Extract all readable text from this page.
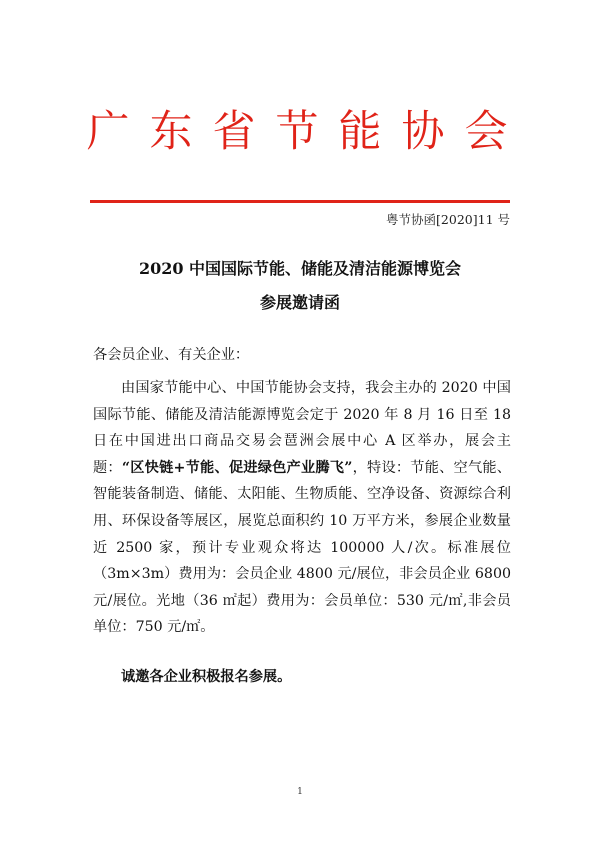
广东省节能协会
粤节协函[2020]11 号
2020 中国国际节能、储能及清洁能源博览会
参展邀请函
各会员企业、有关企业：

由国家节能中心、中国节能协会支持，我会主办的 2020 中国国际节能、储能及清洁能源博览会定于 2020 年 8 月 16 日至 18 日在中国进出口商品交易会琶洲会展中心 A 区举办，展会主题：“区快链+节能、促进绿色产业腾飞”，特设：节能、空气能、智能装备制造、储能、太阳能、生物质能、空净设备、资源综合利用、环保设备等展区，展览总面积约 10 万平方米，参展企业数量近 2500 家，预计专业观众将达 100000 人/次。标准展位（3m×3m）费用为：会员企业 4800 元/展位，非会员企业 6800 元/展位。光地（36 ㎡起）费用为：会员单位：530 元/㎡,非会员单位：750 元/㎡。

诚邀各企业积极报名参展。
1
